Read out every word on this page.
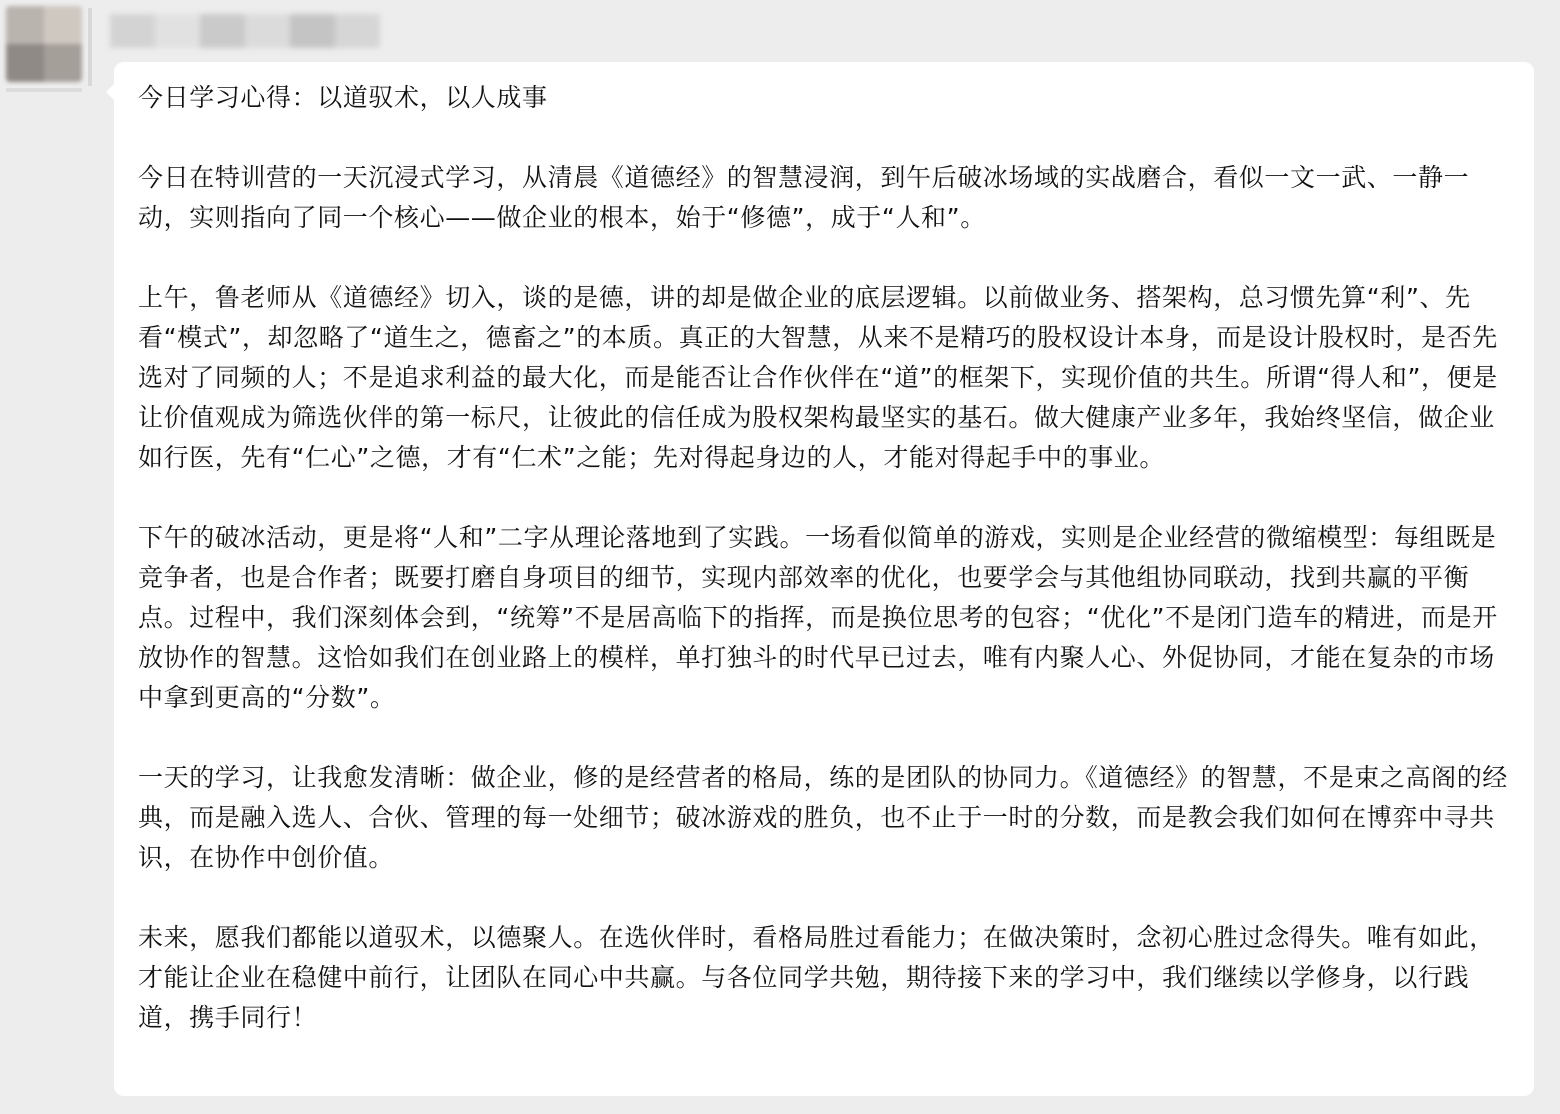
今日学习心得：以道驭术，以人成事

今日在特训营的一天沉浸式学习，从清晨《道德经》的智慧浸润，到午后破冰场域的实战磨合，看似一文一武、一静一动，实则指向了同一个核心——做企业的根本，始于“修德”，成于“人和”。

上午，鲁老师从《道德经》切入，谈的是德，讲的却是做企业的底层逻辑。以前做业务、搭架构，总习惯先算“利”、先看“模式”，却忽略了“道生之，德畜之”的本质。真正的大智慧，从来不是精巧的股权设计本身，而是设计股权时，是否先选对了同频的人；不是追求利益的最大化，而是能否让合作伙伴在“道”的框架下，实现价值的共生。所谓“得人和”，便是让价值观成为筛选伙伴的第一标尺，让彼此的信任成为股权架构最坚实的基石。做大健康产业多年，我始终坚信，做企业如行医，先有“仁心”之德，才有“仁术”之能；先对得起身边的人，才能对得起手中的事业。

下午的破冰活动，更是将“人和”二字从理论落地到了实践。一场看似简单的游戏，实则是企业经营的微缩模型：每组既是竞争者，也是合作者；既要打磨自身项目的细节，实现内部效率的优化，也要学会与其他组协同联动，找到共赢的平衡点。过程中，我们深刻体会到，“统筹”不是居高临下的指挥，而是换位思考的包容；“优化”不是闭门造车的精进，而是开放协作的智慧。这恰如我们在创业路上的模样，单打独斗的时代早已过去，唯有内聚人心、外促协同，才能在复杂的市场中拿到更高的“分数”。

一天的学习，让我愈发清晰：做企业，修的是经营者的格局，练的是团队的协同力。《道德经》的智慧，不是束之高阁的经典，而是融入选人、合伙、管理的每一处细节；破冰游戏的胜负，也不止于一时的分数，而是教会我们如何在博弈中寻共识，在协作中创价值。

未来，愿我们都能以道驭术，以德聚人。在选伙伴时，看格局胜过看能力；在做决策时，念初心胜过念得失。唯有如此，才能让企业在稳健中前行，让团队在同心中共赢。与各位同学共勉，期待接下来的学习中，我们继续以学修身，以行践道，携手同行！
